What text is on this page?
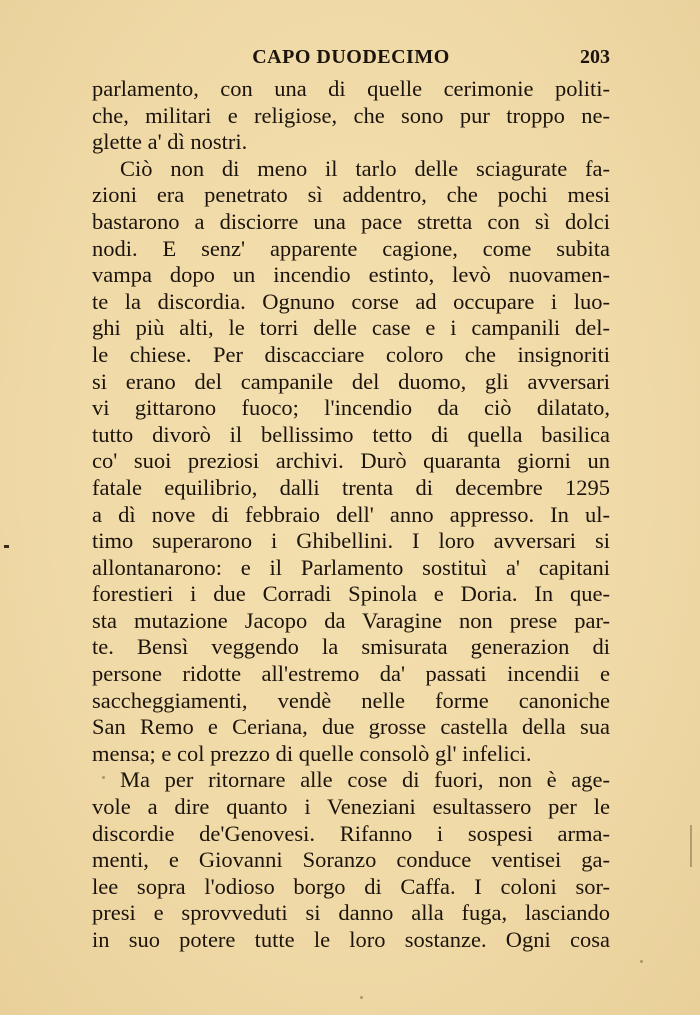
CAPO DUODECIMO	203
parlamento, con una di quelle cerimonie politi-
che, militari e religiose, che sono pur troppo ne-
glette a' dì nostri.
Ciò non di meno il tarlo delle sciagurate fa-
zioni era penetrato sì addentro, che pochi mesi
bastarono a disciorre una pace stretta con sì dolci
nodi. E senz' apparente cagione, come subita
vampa dopo un incendio estinto, levò nuovamen-
te la discordia. Ognuno corse ad occupare i luo-
ghi più alti, le torri delle case e i campanili del-
le chiese. Per discacciare coloro che insignoriti
si erano del campanile del duomo, gli avversari
vi gittarono fuoco; l'incendio da ciò dilatato,
tutto divorò il bellissimo tetto di quella basilica
co' suoi preziosi archivi. Durò quaranta giorni un
fatale equilibrio, dalli trenta di decembre 1295
a dì nove di febbraio dell' anno appresso. In ul-
timo superarono i Ghibellini. I loro avversari si
allontanarono: e il Parlamento sostituì a' capitani
forestieri i due Corradi Spinola e Doria. In que-
sta mutazione Jacopo da Varagine non prese par-
te. Bensì veggendo la smisurata generazion di
persone ridotte all'estremo da' passati incendii e
saccheggiamenti, vendè nelle forme canoniche
San Remo e Ceriana, due grosse castella della sua
mensa; e col prezzo di quelle consolò gl' infelici.
Ma per ritornare alle cose di fuori, non è age-
vole a dire quanto i Veneziani esultassero per le
discordie de'Genovesi. Rifanno i sospesi arma-
menti, e Giovanni Soranzo conduce ventisei ga-
lee sopra l'odioso borgo di Caffa. I coloni sor-
presi e sprovveduti si danno alla fuga, lasciando
in suo potere tutte le loro sostanze. Ogni cosa
